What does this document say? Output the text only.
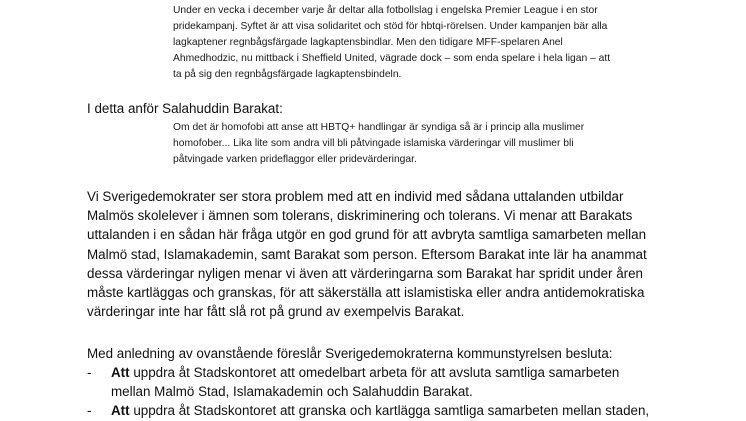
Under en vecka i december varje år deltar alla fotbollslag i engelska Premier League i en stor
pridekampanj. Syftet är att visa solidaritet och stöd för hbtqi-rörelsen. Under kampanjen bär alla
lagkaptener regnbågsfärgade lagkaptensbindlar. Men den tidigare MFF-spelaren Anel
Ahmedhodzic, nu mittback i Sheffield United, vägrade dock – som enda spelare i hela ligan – att
ta på sig den regnbågsfärgade lagkaptensbindeln.
I detta anför Salahuddin Barakat:
Om det är homofobi att anse att HBTQ+ handlingar är syndiga så är i princip alla muslimer
homofober... Lika lite som andra vill bli påtvingade islamiska värderingar vill muslimer bli
påtvingade varken prideflaggor eller pridevärderingar.
Vi Sverigedemokrater ser stora problem med att en individ med sådana uttalanden utbildar
Malmös skolelever i ämnen som tolerans, diskriminering och tolerans. Vi menar att Barakats
uttalanden i en sådan här fråga utgör en god grund för att avbryta samtliga samarbeten mellan
Malmö stad, Islamakademin, samt Barakat som person. Eftersom Barakat inte lär ha anammat
dessa värderingar nyligen menar vi även att värderingarna som Barakat har spridit under åren
måste kartläggas och granskas, för att säkerställa att islamistiska eller andra antidemokratiska
värderingar inte har fått slå rot på grund av exempelvis Barakat.
Med anledning av ovanstående föreslår Sverigedemokraterna kommunstyrelsen besluta:
- Att uppdra åt Stadskontoret att omedelbart arbeta för att avsluta samtliga samarbeten
mellan Malmö Stad, Islamakademin och Salahuddin Barakat.
- Att uppdra åt Stadskontoret att granska och kartlägga samtliga samarbeten mellan staden,
